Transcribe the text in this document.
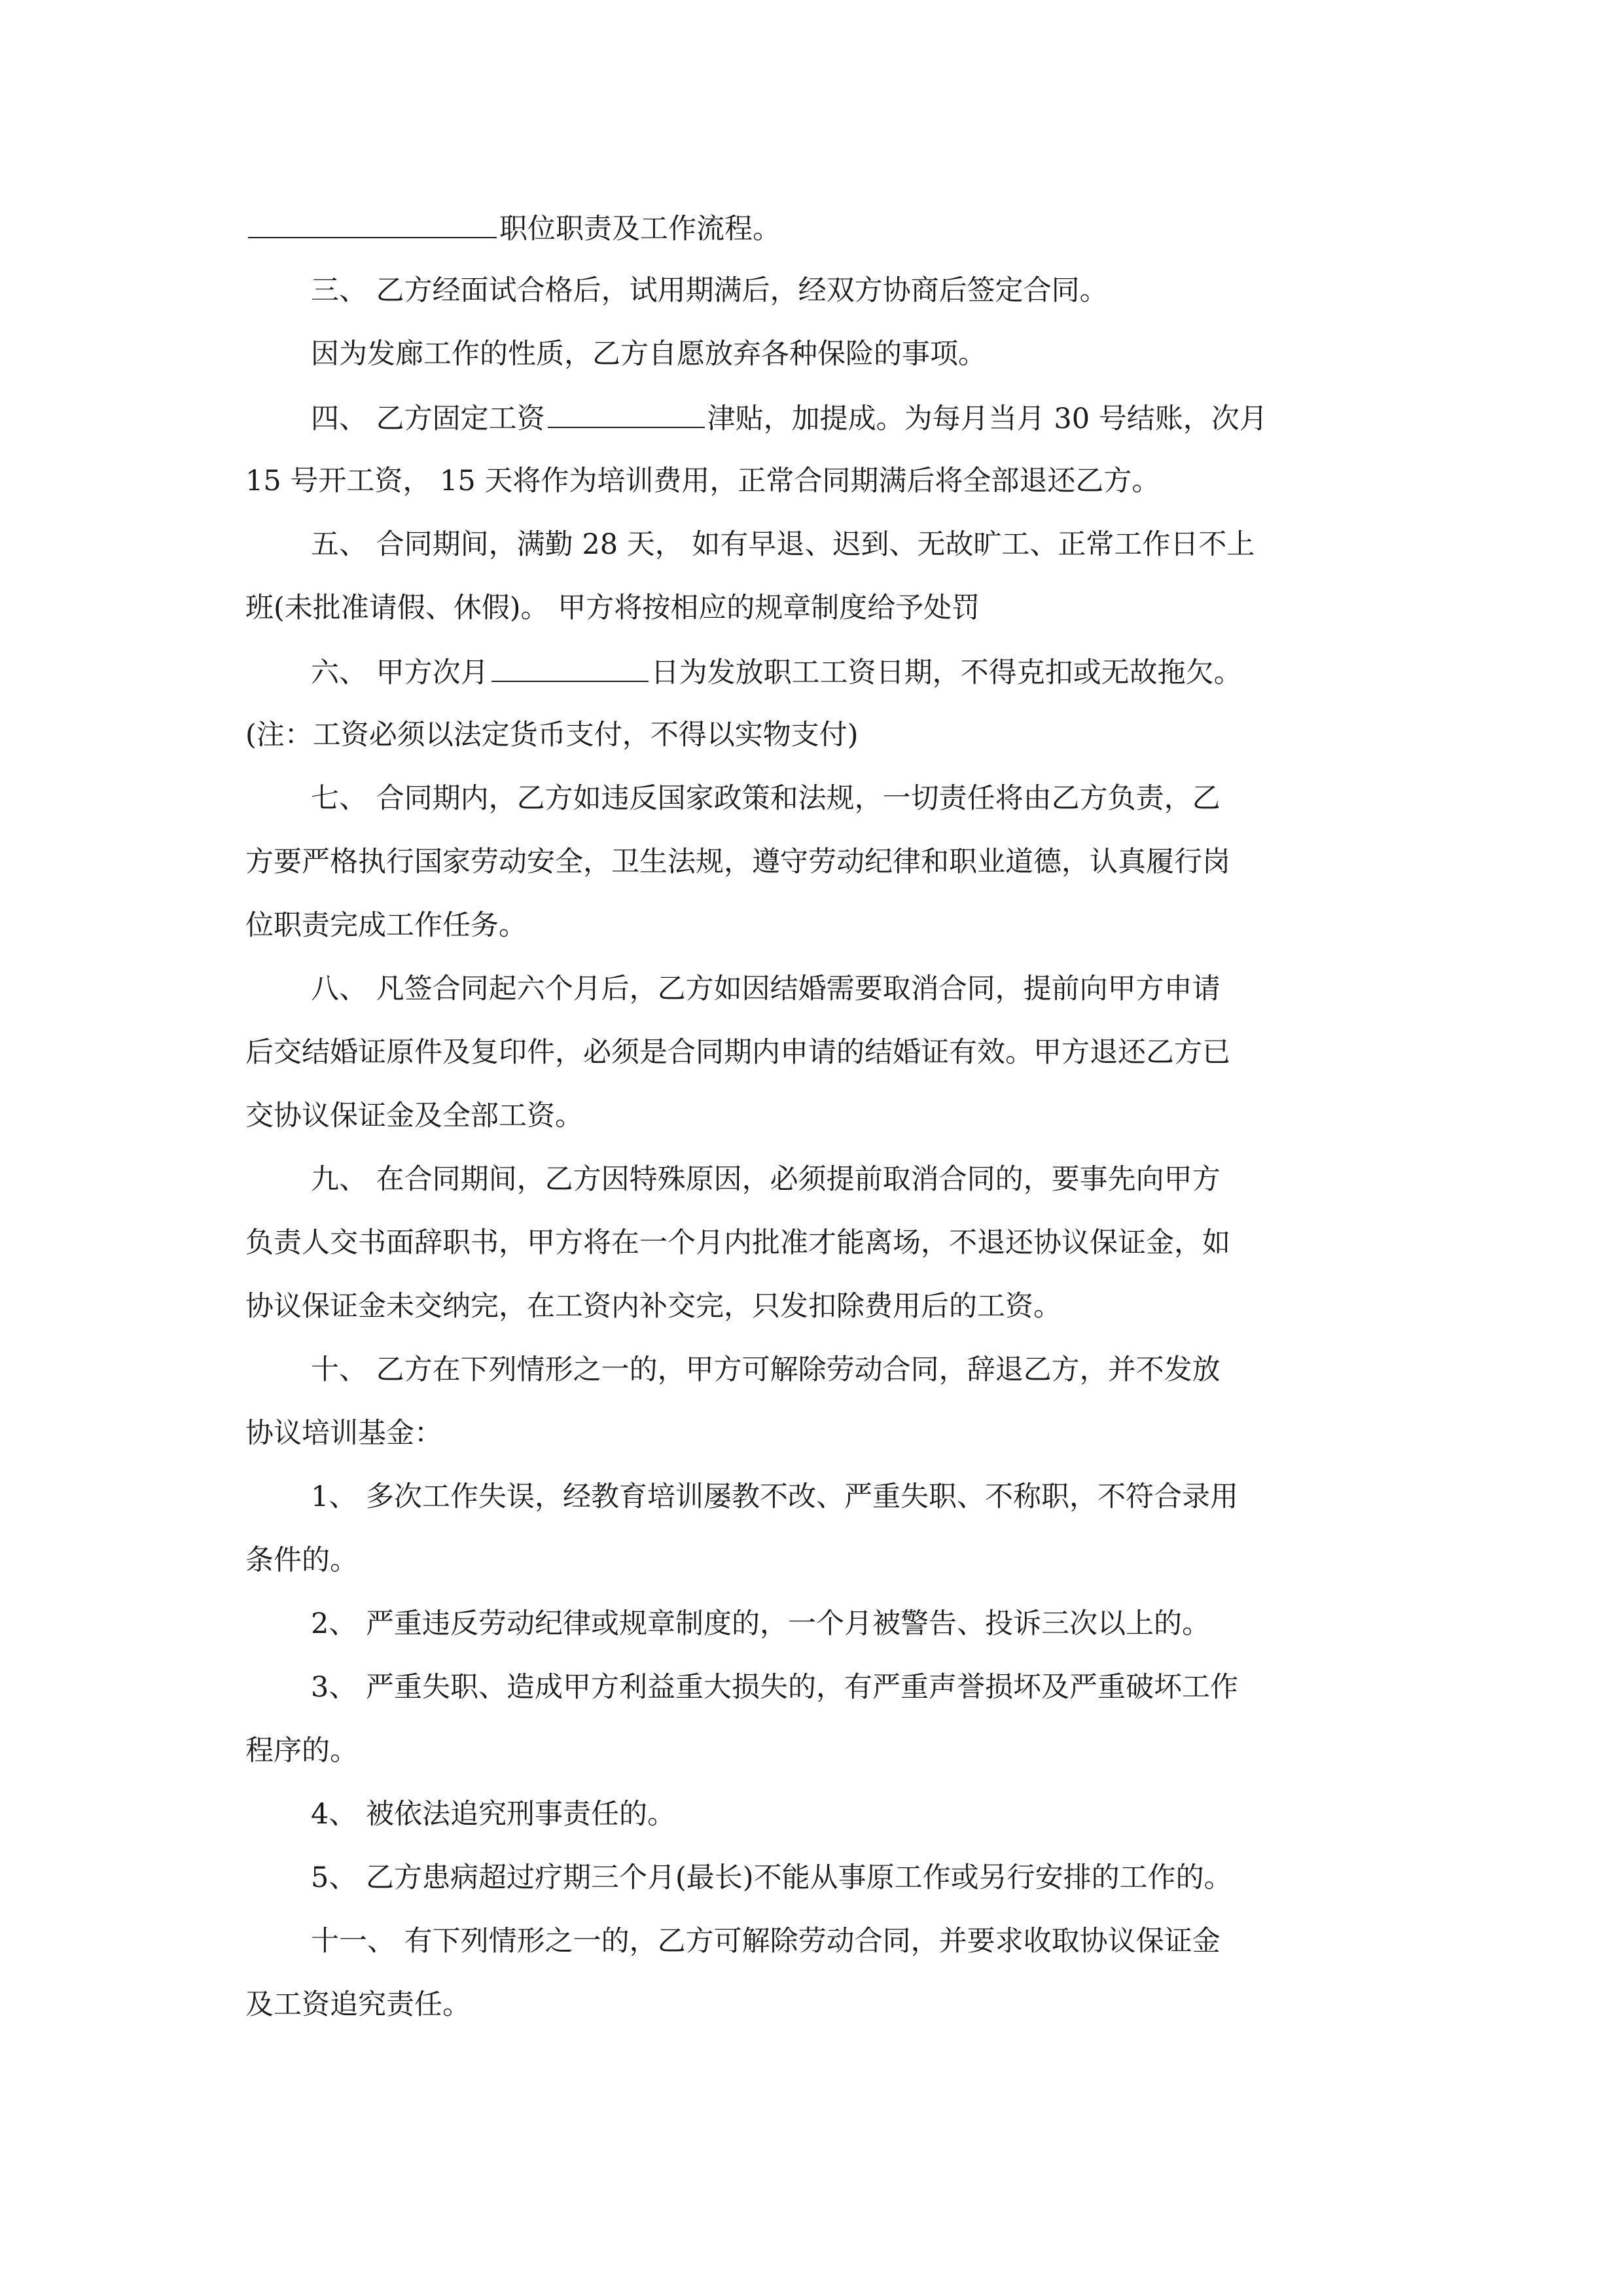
职位职责及工作流程。
三、 乙方经面试合格后，试用期满后，经双方协商后签定合同。
因为发廊工作的性质，乙方自愿放弃各种保险的事项。
四、 乙方固定工资	津贴，加提成。为每月当月 30 号结账，次月
15 号开工资， 15 天将作为培训费用，正常合同期满后将全部退还乙方。
五、 合同期间，满勤 28 天， 如有早退、迟到、无故旷工、正常工作日不上
班(未批准请假、休假)。 甲方将按相应的规章制度给予处罚
六、 甲方次月	日为发放职工工资日期，不得克扣或无故拖欠。
(注：工资必须以法定货币支付，不得以实物支付)
七、 合同期内，乙方如违反国家政策和法规，一切责任将由乙方负责，乙
方要严格执行国家劳动安全，卫生法规，遵守劳动纪律和职业道德，认真履行岗
位职责完成工作任务。
八、 凡签合同起六个月后，乙方如因结婚需要取消合同，提前向甲方申请
后交结婚证原件及复印件，必须是合同期内申请的结婚证有效。甲方退还乙方已
交协议保证金及全部工资。
九、 在合同期间，乙方因特殊原因，必须提前取消合同的，要事先向甲方
负责人交书面辞职书，甲方将在一个月内批准才能离场，不退还协议保证金，如
协议保证金未交纳完，在工资内补交完，只发扣除费用后的工资。
十、 乙方在下列情形之一的，甲方可解除劳动合同，辞退乙方，并不发放
协议培训基金：
1、 多次工作失误，经教育培训屡教不改、严重失职、不称职，不符合录用
条件的。
2、 严重违反劳动纪律或规章制度的，一个月被警告、投诉三次以上的。
3、 严重失职、造成甲方利益重大损失的，有严重声誉损坏及严重破坏工作
程序的。
4、 被依法追究刑事责任的。
5、 乙方患病超过疗期三个月(最长)不能从事原工作或另行安排的工作的。
十一、 有下列情形之一的，乙方可解除劳动合同，并要求收取协议保证金
及工资追究责任。
